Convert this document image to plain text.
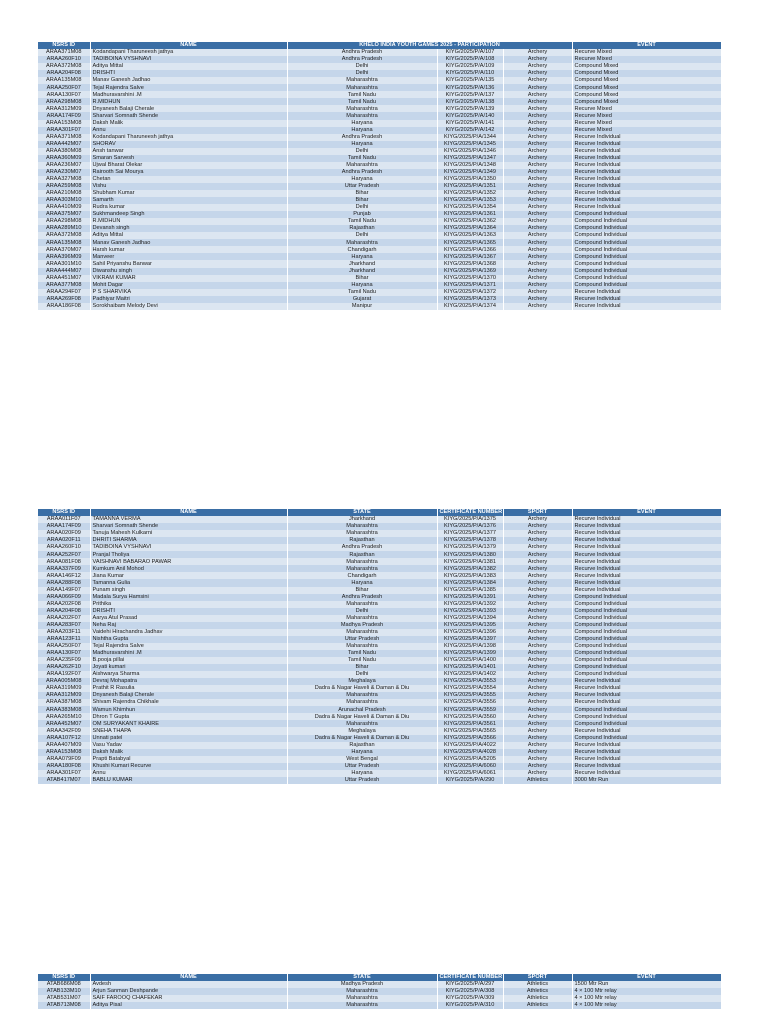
NSRS ID	NAME	KHELO INDIA YOUTH GAMES 2025 - PARTICIPATION			EVENT
ARAA371M08	Kodandapani Tharuneesh jathya	Andhra Pradesh	KIYG/2025/P/A/107	Archery	Recurve Mixed
ARAA260F10	TADIBOINA VYSHNAVI	Andhra Pradesh	KIYG/2025/P/A/108	Archery	Recurve Mixed
ARAA372M08	Aditya Mittal	Delhi	KIYG/2025/P/A/109	Archery	Compound Mixed
ARAA204F08	DRISHTI	Delhi	KIYG/2025/P/A/110	Archery	Compound Mixed
ARAA135M08	Manav Ganesh Jadhao	Maharashtra	KIYG/2025/P/A/135	Archery	Compound Mixed
ARAA250F07	Tejal Rajendra Salve	Maharashtra	KIYG/2025/P/A/136	Archery	Compound Mixed
ARAA130F07	Madhuravarshini .M	Tamil Nadu	KIYG/2025/P/A/137	Archery	Compound Mixed
ARAA298M08	R.MIDHUN	Tamil Nadu	KIYG/2025/P/A/138	Archery	Compound Mixed
ARAA312M09	Dnyanesh Balaji Cherale	Maharashtra	KIYG/2025/P/A/139	Archery	Recurve Mixed
ARAA174F09	Sharvari Somnath Shende	Maharashtra	KIYG/2025/P/A/140	Archery	Recurve Mixed
ARAA153M08	Daksh Malik	Haryana	KIYG/2025/P/A/141	Archery	Recurve Mixed
ARAA301F07	Annu	Haryana	KIYG/2025/P/A/142	Archery	Recurve Mixed
ARAA371M08	Kodandapani Tharuneesh jathya	Andhra Pradesh	KIYG/2025/P/A/1344	Archery	Recurve Individual
ARAA442M07	SHORAV	Haryana	KIYG/2025/P/A/1345	Archery	Recurve Individual
ARAA380M08	Ansh tanwar	Delhi	KIYG/2025/P/A/1346	Archery	Recurve Individual
ARAA360M09	Smaran Sarvesh	Tamil Nadu	KIYG/2025/P/A/1347	Archery	Recurve Individual
ARAA236M07	Ujwal Bharat Olekar	Maharashtra	KIYG/2025/P/A/1348	Archery	Recurve Individual
ARAA230M07	Rairooth Sai Mourya	Andhra Pradesh	KIYG/2025/P/A/1349	Archery	Recurve Individual
ARAA327M08	Chetan	Haryana	KIYG/2025/P/A/1350	Archery	Recurve Individual
ARAA259M08	Vishu	Uttar Pradesh	KIYG/2025/P/A/1351	Archery	Recurve Individual
ARAA210M08	Shubham Kumar	Bihar	KIYG/2025/P/A/1352	Archery	Recurve Individual
ARAA303M10	Samarth	Bihar	KIYG/2025/P/A/1353	Archery	Recurve Individual
ARAA410M09	Rudra kumar	Delhi	KIYG/2025/P/A/1354	Archery	Recurve Individual
ARAA375M07	Sukhmandeep Singh	Punjab	KIYG/2025/P/A/1361	Archery	Compound Individual
ARAA298M08	R.MIDHUN	Tamil Nadu	KIYG/2025/P/A/1362	Archery	Compound Individual
ARAA289M10	Devansh singh	Rajasthan	KIYG/2025/P/A/1364	Archery	Compound Individual
ARAA372M08	Aditya Mittal	Delhi	KIYG/2025/P/A/1363	Archery	Compound Individual
ARAA135M08	Manav Ganesh Jadhao	Maharashtra	KIYG/2025/P/A/1365	Archery	Compound Individual
ARAA370M07	Harsh kumar	Chandigarh	KIYG/2025/P/A/1366	Archery	Compound Individual
ARAA396M09	Manveer	Haryana	KIYG/2025/P/A/1367	Archery	Compound Individual
ARAA301M10	Sahil Priyanshu Banwar	Jharkhand	KIYG/2025/P/A/1368	Archery	Compound Individual
ARAA444M07	Diwanshu singh	Jharkhand	KIYG/2025/P/A/1369	Archery	Compound Individual
ARAA451M07	VIKRAM KUMAR	Bihar	KIYG/2025/P/A/1370	Archery	Compound Individual
ARAA377M08	Mohit Dagar	Haryana	KIYG/2025/P/A/1371	Archery	Compound Individual
ARAA294F07	P S SHARVIKA	Tamil Nadu	KIYG/2025/P/A/1372	Archery	Recurve Individual
ARAA269F08	Padhiyar Maitri	Gujarat	KIYG/2025/P/A/1373	Archery	Recurve Individual
ARAA186F08	Sorokhaibam Melody Devi	Manipur	KIYG/2025/P/A/1374	Archery	Recurve Individual
NSRS ID	NAME	STATE	CERTIFICATE NUMBER	SPORT	EVENT
ARAA011F07	TAMANNA VERMA	Jharkhand	KIYG/2025/P/A/1375	Archery	Recurve Individual
ARAA174F09	Sharvari Somnath Shende	Maharashtra	KIYG/2025/P/A/1376	Archery	Recurve Individual
ARAA020F09	Tanuja Mahesh Kulkarni	Maharashtra	KIYG/2025/P/A/1377	Archery	Recurve Individual
ARAA020F11	DHRITI SHARMA	Rajasthan	KIYG/2025/P/A/1378	Archery	Recurve Individual
ARAA260F10	TADIBOINA VYSHNAVI	Andhra Pradesh	KIYG/2025/P/A/1379	Archery	Recurve Individual
ARAA252F07	Pranjal Tholiya	Rajasthan	KIYG/2025/P/A/1380	Archery	Recurve Individual
ARAA081F08	VAISHNAVI BABARAO PAWAR	Maharashtra	KIYG/2025/P/A/1381	Archery	Recurve Individual
ARAA337F09	Kumkum Anil Mohod	Maharashtra	KIYG/2025/P/A/1382	Archery	Recurve Individual
ARAA146F12	Jiana Kumar	Chandigarh	KIYG/2025/P/A/1383	Archery	Recurve Individual
ARAA288F08	Tamanna Gulia	Haryana	KIYG/2025/P/A/1384	Archery	Recurve Individual
ARAA149F07	Punam singh	Bihar	KIYG/2025/P/A/1385	Archery	Recurve Individual
ARAA066F09	Madala Surya Hamsini	Andhra Pradesh	KIYG/2025/P/A/1391	Archery	Compound Individual
ARAA202F08	Prithika	Maharashtra	KIYG/2025/P/A/1392	Archery	Compound Individual
ARAA204F08	DRISHTI	Delhi	KIYG/2025/P/A/1393	Archery	Compound Individual
ARAA202F07	Aarya Atul Prasad	Maharashtra	KIYG/2025/P/A/1394	Archery	Compound Individual
ARAA283F07	Neha Raj	Madhya Pradesh	KIYG/2025/P/A/1395	Archery	Compound Individual
ARAA203F11	Vaidehi Hirachandra Jadhav	Maharashtra	KIYG/2025/P/A/1396	Archery	Compound Individual
ARAA123F11	Nishtha Gupta	Uttar Pradesh	KIYG/2025/P/A/1397	Archery	Compound Individual
ARAA250F07	Tejal Rajendra Salve	Maharashtra	KIYG/2025/P/A/1398	Archery	Compound Individual
ARAA130F07	Madhuravarshini .M	Tamil Nadu	KIYG/2025/P/A/1399	Archery	Compound Individual
ARAA235F09	B.pooja pillai	Tamil Nadu	KIYG/2025/P/A/1400	Archery	Compound Individual
ARAA262F10	Joyati kumari	Bihar	KIYG/2025/P/A/1401	Archery	Compound Individual
ARAA192F07	Aishwarya Sharma	Delhi	KIYG/2025/P/A/1402	Archery	Compound Individual
ARAA005M08	Devraj Mohapatra	Meghalaya	KIYG/2025/P/A/3553	Archery	Recurve Individual
ARAA319M09	Prathit R Rasulia	Dadra & Nagar Haveli & Daman & Diu	KIYG/2025/P/A/3554	Archery	Recurve Individual
ARAA312M09	Dnyanesh Balaji Cherale	Maharashtra	KIYG/2025/P/A/3555	Archery	Recurve Individual
ARAA387M08	Shivam Rajendra Chikhale	Maharashtra	KIYG/2025/P/A/3556	Archery	Recurve Individual
ARAA383M08	Wamun Khimhun	Arunachal Pradesh	KIYG/2025/P/A/3559	Archery	Compound Individual
ARAA265M10	Dhron T Gupta	Dadra & Nagar Haveli & Daman & Diu	KIYG/2025/P/A/3560	Archery	Compound Individual
ARAA452M07	OM SURYAKANT KHAIRE	Maharashtra	KIYG/2025/P/A/3561	Archery	Compound Individual
ARAA342F09	SNEHA THAPA	Meghalaya	KIYG/2025/P/A/3565	Archery	Recurve Individual
ARAA107F12	Unnati patel	Dadra & Nagar Haveli & Daman & Diu	KIYG/2025/P/A/3566	Archery	Compound Individual
ARAA407M09	Vasu Yadav	Rajasthan	KIYG/2025/P/A/4022	Archery	Recurve Individual
ARAA153M08	Daksh Malik	Haryana	KIYG/2025/P/A/4028	Archery	Recurve Individual
ARAA079F09	Prapti Batabyal	West Bengal	KIYG/2025/P/A/5205	Archery	Recurve Individual
ARAA180F08	Khushi Kumari Recurve	Uttar Pradesh	KIYG/2025/P/A/6060	Archery	Recurve Individual
ARAA301F07	Annu	Haryana	KIYG/2025/P/A/6061	Archery	Recurve Individual
ATAB417M07	BABLU KUMAR	Uttar Pradesh	KIYG/2025/P/A/290	Athletics	3000 Mtr Run
NSRS ID	NAME	STATE	CERTIFICATE NUMBER	SPORT	EVENT
ATAB686M08	Avdesh	Madhya Pradesh	KIYG/2025/P/A/297	Athletics	1500 Mtr Run
ATAB133M10	Arjun Sanman Deshpande	Maharashtra	KIYG/2025/P/A/308	Athletics	4 × 100 Mtr relay
ATAB531M07	SAIF FAROOQ CHAFEKAR	Maharashtra	KIYG/2025/P/A/309	Athletics	4 × 100 Mtr relay
ATAB713M08	Aditya Pisal	Maharashtra	KIYG/2025/P/A/310	Athletics	4 × 100 Mtr relay
